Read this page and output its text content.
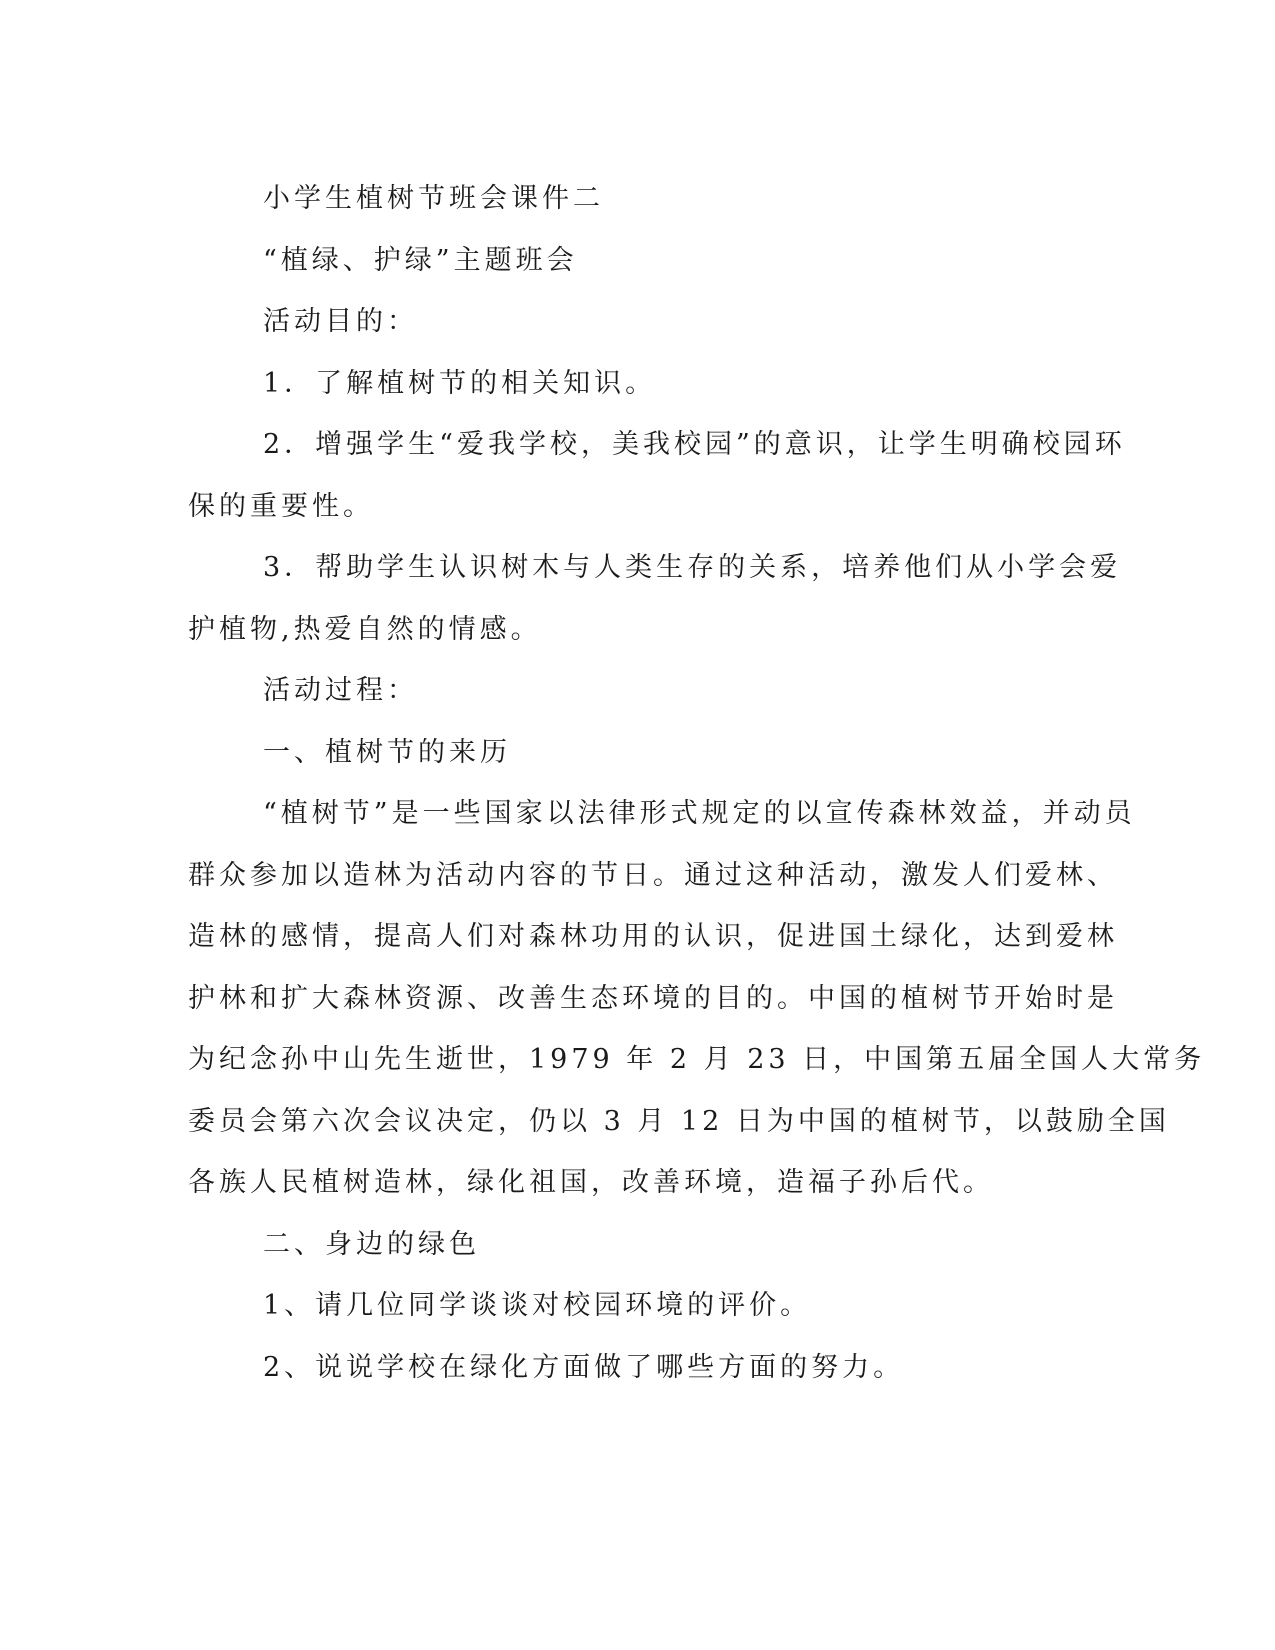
小学生植树节班会课件二

“植绿、护绿”主题班会

活动目的：

1．了解植树节的相关知识。

2．增强学生“爱我学校，美我校园”的意识，让学生明确校园环

保的重要性。

3．帮助学生认识树木与人类生存的关系，培养他们从小学会爱

护植物,热爱自然的情感。

活动过程：

一、植树节的来历

“植树节”是一些国家以法律形式规定的以宣传森林效益，并动员

群众参加以造林为活动内容的节日。通过这种活动，激发人们爱林、

造林的感情，提高人们对森林功用的认识，促进国土绿化，达到爱林

护林和扩大森林资源、改善生态环境的目的。中国的植树节开始时是

为纪念孙中山先生逝世，1979 年 2 月 23 日，中国第五届全国人大常务

委员会第六次会议决定，仍以 3 月 12 日为中国的植树节，以鼓励全国

各族人民植树造林，绿化祖国，改善环境，造福子孙后代。

二、身边的绿色

1、请几位同学谈谈对校园环境的评价。

2、说说学校在绿化方面做了哪些方面的努力。
